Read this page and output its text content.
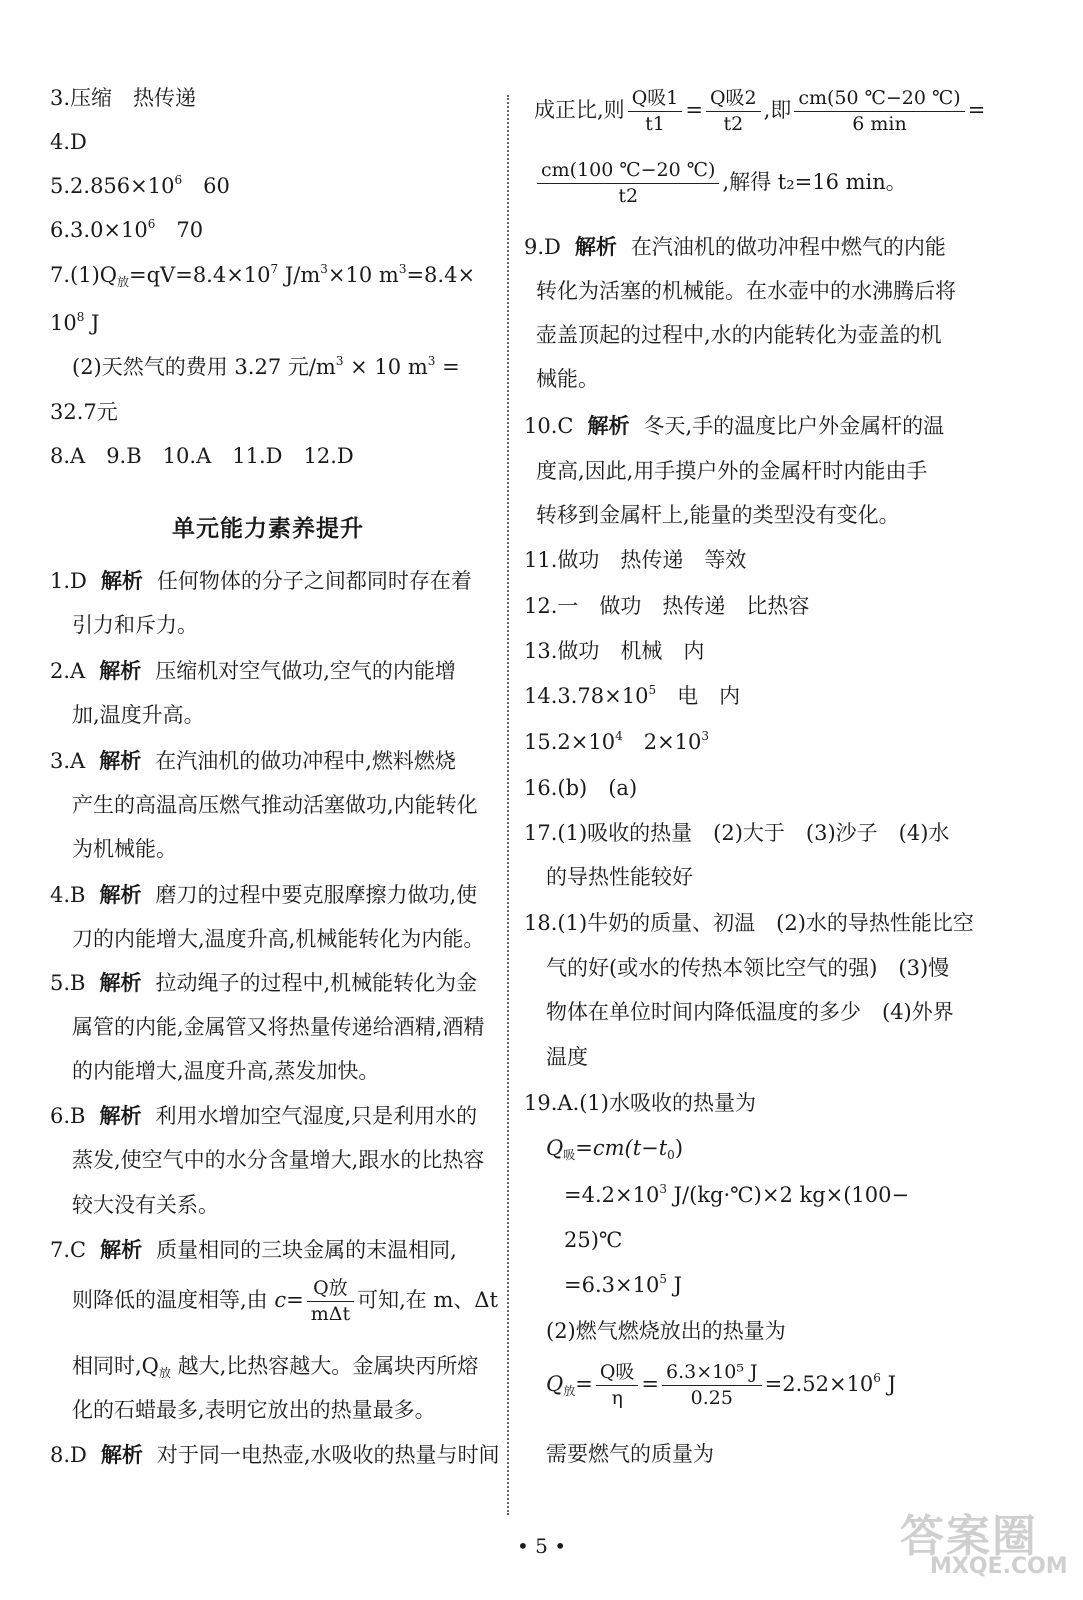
3.压缩　热传递
4.D
$5.2.856\times 10^6$　60
$6.3.0\times 10^6$　70
$7.(1)Q_放=qV=8.4\times 10^7$ $J/m^3\times 10$ $m^3=8.4\times$
$10^8$ J
(2)天然气的费用 3.27 元$/m^3 \times 10$ $m^3$ =
32.7元
8.A　9.B　10.A　11.D　12.D
单元能力素养提升
1.D 解析 任何物体的分子之间都同时存在着
引力和斥力。
2.A 解析 压缩机对空气做功,空气的内能增
加,温度升高。
3.A 解析 在汽油机的做功冲程中,燃料燃烧
产生的高温高压燃气推动活塞做功,内能转化
为机械能。
4.B 解析 磨刀的过程中要克服摩擦力做功,使
刀的内能增大,温度升高,机械能转化为内能。
5.B 解析 拉动绳子的过程中,机械能转化为金
属管的内能,金属管又将热量传递给酒精,酒精
的内能增大,温度升高,蒸发加快。
6.B 解析 利用水增加空气湿度,只是利用水的
蒸发,使空气中的水分含量增大,跟水的比热容
较大没有关系。
7.C 解析 质量相同的三块金属的末温相同,
则降低的温度相等,由 $c= \frac{\text{Q放}}{\text{mΔt}}$ 可知,在 m、Δt
相同时$,Q_放$ 越大,比热容越大。金属块丙所熔
化的石蜡最多,表明它放出的热量最多。
8.D 解析 对于同一电热壶,水吸收的热量与时间
成正比,则 $\frac{\text{Q吸1}}{t1} = \frac{\text{Q吸2}}{t2}$ ,即 $\frac{cm(50 ℃-20 ℃)}{6 \min}$ =
$\frac{cm(100 ℃-20 ℃)}{t2}$ ,解得 t₂=16 min。
9.D 解析 在汽油机的做功冲程中燃气的内能
转化为活塞的机械能。在水壶中的水沸腾后将
壶盖顶起的过程中,水的内能转化为壶盖的机
械能。
10.C 解析 冬天,手的温度比户外金属杆的温
度高,因此,用手摸户外的金属杆时内能由手
转移到金属杆上,能量的类型没有变化。
11.做功　热传递　等效
12.一　做功　热传递　比热容
13.做功　机械　内
$14.3.78\times 10^5$　电　内
$15.2\times 10^4$　$2\times 10^3$
16.(b)　(a)
17.(1)吸收的热量　(2)大于　(3)沙子　(4)水
的导热性能较好
18.(1)牛奶的质量、初温　(2)水的导热性能比空
气的好(或水的传热本领比空气的强)　(3)慢
物体在单位时间内降低温度的多少　(4)外界
温度
19.A.(1)水吸收的热量为
$Q_吸=cm(t-t_0)$
$=4.2\times 10^3$ J/(kg·℃)×2 kg×(100−
25)℃
$=6.3\times 10^5$ J
(2)燃气燃烧放出的热量为
$Q_放= \frac{\text{Q吸}}{\eta} = \frac{\text{6.3×10⁵ J}}{0.25} =2.52\times 10^6$ J
需要燃气的质量为
• 5 •	答案圈
MXQE.COM
